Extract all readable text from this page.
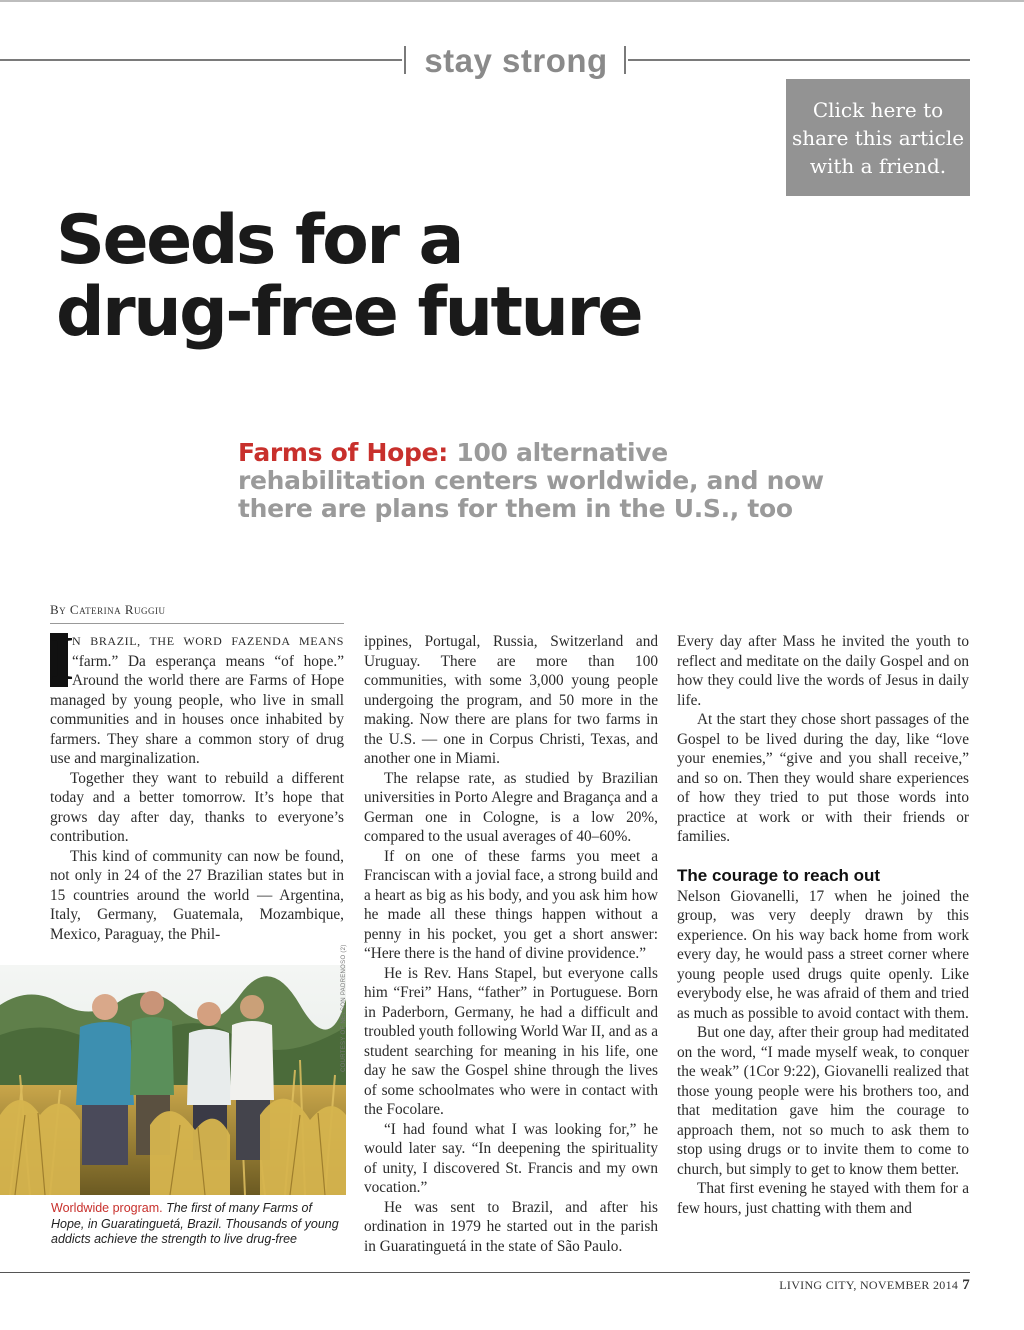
stay strong
Click here to
share this article
with a friend.
Seeds for a
drug-free future
Farms of Hope: 100 alternative
rehabilitation centers worldwide, and now
there are plans for them in the U.S., too
By Caterina Ruggiu

I
N BRAZIL, THE WORD FAZENDA MEANS “farm.” Da esperança means “of hope.” Around the world there are Farms of Hope managed by young people, who live in small communities and in houses once inhabited by farmers. They share a common story of drug use and marginalization.

Together they want to rebuild a different today and a better tomorrow. It’s hope that grows day after day, thanks to everyone’s contribution.

This kind of community can now be found, not only in 24 of the 27 Brazilian states but in 15 countries around the world — Argentina, Italy, Germany, Guatemala, Mozambique, Mexico, Paraguay, the Phil-

ippines, Portugal, Russia, Switzerland and Uruguay. There are more than 100 communities, with some 3,000 young people undergoing the program, and 50 more in the making. Now there are plans for two farms in the U.S. — one in Corpus Christi, Texas, and another one in Miami.

The relapse rate, as studied by Brazilian universities in Porto Alegre and Bragança and a German one in Cologne, is a low 20%, compared to the usual averages of 40–60%.

If on one of these farms you meet a Franciscan with a jovial face, a strong build and a heart as big as his body, and you ask him how he made all these things happen without a penny in his pocket, you get a short answer: “Here there is the hand of divine providence.”

He is Rev. Hans Stapel, but everyone calls him “Frei” Hans, “father” in Portuguese. Born in Paderborn, Germany, he had a difficult and troubled youth following World War II, and as a student searching for meaning in his life, one day he saw the Gospel shine through the lives of some schoolmates who were in contact with the Focolare.

“I had found what I was looking for,” he would later say. “In deepening the spirituality of unity, I discovered St. Francis and my own vocation.”

He was sent to Brazil, and after his ordination in 1979 he started out in the parish in Guaratinguetá in the state of São Paulo.

Every day after Mass he invited the youth to reflect and meditate on the daily Gospel and on how they could live the words of Jesus in daily life.

At the start they chose short passages of the Gospel to be lived during the day, like “love your enemies,” “give and you shall receive,” and so on. Then they would share experiences of how they tried to put those words into practice at work or with their friends or families.

The courage to reach out

Nelson Giovanelli, 17 when he joined the group, was very deeply drawn by this experience. On his way back home from work every day, he would pass a street corner where young people used drugs quite openly. Like everybody else, he was afraid of them and tried as much as possible to avoid contact with them.

But one day, after their group had meditated on the word, “I made myself weak, to conquer the weak” (1Cor 9:22), Giovanelli realized that those young people were his brothers too, and that meditation gave him the courage to approach them, not so much to ask them to stop using drugs or to invite them to come to church, but simply to get to know them better.

That first evening he stayed with them for a few hours, just chatting with them and

COURTESY OF NELSON PADRENOSO (2)
Worldwide program. The first of many Farms of Hope, in Guaratinguetá, Brazil. Thousands of young addicts achieve the strength to live drug-free
LIVING CITY, NOVEMBER 2014 7
